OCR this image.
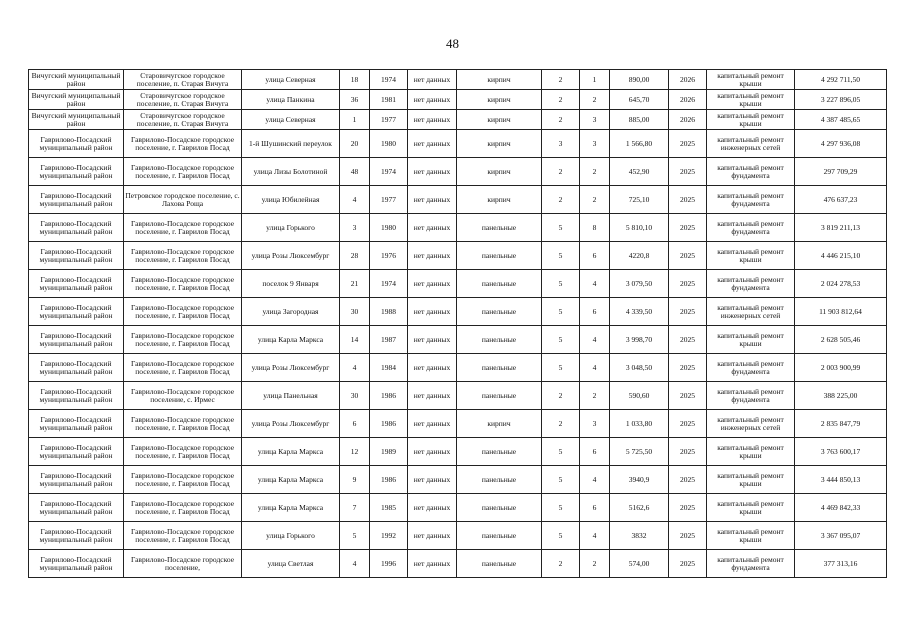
48
Вичугский муниципальный район	Старовичугское городское поселение, п. Старая Вичуга	улица Северная	18	1974	нет данных	кирпич	2	1	890,00	2026	капитальный ремонт крыши	4 292 711,50
Вичугский муниципальный район	Старовичугское городское поселение, п. Старая Вичуга	улица Панкина	36	1981	нет данных	кирпич	2	2	645,70	2026	капитальный ремонт крыши	3 227 896,05
Вичугский муниципальный район	Старовичугское городское поселение, п. Старая Вичуга	улица Северная	1	1977	нет данных	кирпич	2	3	885,00	2026	капитальный ремонт крыши	4 387 485,65
Гаврилово-Посадский муниципальный район	Гаврилово-Посадское городское поселение, г. Гаврилов Посад	1-й Шушинский переулок	20	1980	нет данных	кирпич	3	3	1 566,80	2025	капитальный ремонт инженерных сетей	4 297 936,08
Гаврилово-Посадский муниципальный район	Гаврилово-Посадское городское поселение, г. Гаврилов Посад	улица Лизы Болотиной	48	1974	нет данных	кирпич	2	2	452,90	2025	капитальный ремонт фундамента	297 709,29
Гаврилово-Посадский муниципальный район	Петровское городское поселение, с. Лахова Роща	улица Юбилейная	4	1977	нет данных	кирпич	2	2	725,10	2025	капитальный ремонт фундамента	476 637,23
Гаврилово-Посадский муниципальный район	Гаврилово-Посадское городское поселение, г. Гаврилов Посад	улица Горького	3	1980	нет данных	панельные	5	8	5 810,10	2025	капитальный ремонт фундамента	3 819 211,13
Гаврилово-Посадский муниципальный район	Гаврилово-Посадское городское поселение, г. Гаврилов Посад	улица Розы Люксембург	28	1976	нет данных	панельные	5	6	4220,8	2025	капитальный ремонт крыши	4 446 215,10
Гаврилово-Посадский муниципальный район	Гаврилово-Посадское городское поселение, г. Гаврилов Посад	поселок 9 Января	21	1974	нет данных	панельные	5	4	3 079,50	2025	капитальный ремонт фундамента	2 024 278,53
Гаврилово-Посадский муниципальный район	Гаврилово-Посадское городское поселение, г. Гаврилов Посад	улица Загородная	30	1988	нет данных	панельные	5	6	4 339,50	2025	капитальный ремонт инженерных сетей	11 903 812,64
Гаврилово-Посадский муниципальный район	Гаврилово-Посадское городское поселение, г. Гаврилов Посад	улица Карла Маркса	14	1987	нет данных	панельные	5	4	3 998,70	2025	капитальный ремонт крыши	2 628 505,46
Гаврилово-Посадский муниципальный район	Гаврилово-Посадское городское поселение, г. Гаврилов Посад	улица Розы Люксембург	4	1984	нет данных	панельные	5	4	3 048,50	2025	капитальный ремонт фундамента	2 003 900,99
Гаврилово-Посадский муниципальный район	Гаврилово-Посадское городское поселение, с. Ирмес	улица Панельная	30	1986	нет данных	панельные	2	2	590,60	2025	капитальный ремонт фундамента	388 225,00
Гаврилово-Посадский муниципальный район	Гаврилово-Посадское городское поселение, г. Гаврилов Посад	улица Розы Люксембург	6	1986	нет данных	кирпич	2	3	1 033,80	2025	капитальный ремонт инженерных сетей	2 835 847,79
Гаврилово-Посадский муниципальный район	Гаврилово-Посадское городское поселение, г. Гаврилов Посад	улица Карла Маркса	12	1989	нет данных	панельные	5	6	5 725,50	2025	капитальный ремонт крыши	3 763 600,17
Гаврилово-Посадский муниципальный район	Гаврилово-Посадское городское поселение, г. Гаврилов Посад	улица Карла Маркса	9	1986	нет данных	панельные	5	4	3940,9	2025	капитальный ремонт крыши	3 444 850,13
Гаврилово-Посадский муниципальный район	Гаврилово-Посадское городское поселение, г. Гаврилов Посад	улица Карла Маркса	7	1985	нет данных	панельные	5	6	5162,6	2025	капитальный ремонт крыши	4 469 842,33
Гаврилово-Посадский муниципальный район	Гаврилово-Посадское городское поселение, г. Гаврилов Посад	улица Горького	5	1992	нет данных	панельные	5	4	3832	2025	капитальный ремонт крыши	3 367 095,07
Гаврилово-Посадский муниципальный район	Гаврилово-Посадское городское поселение,	улица Светлая	4	1996	нет данных	панельные	2	2	574,00	2025	капитальный ремонт фундамента	377 313,16
